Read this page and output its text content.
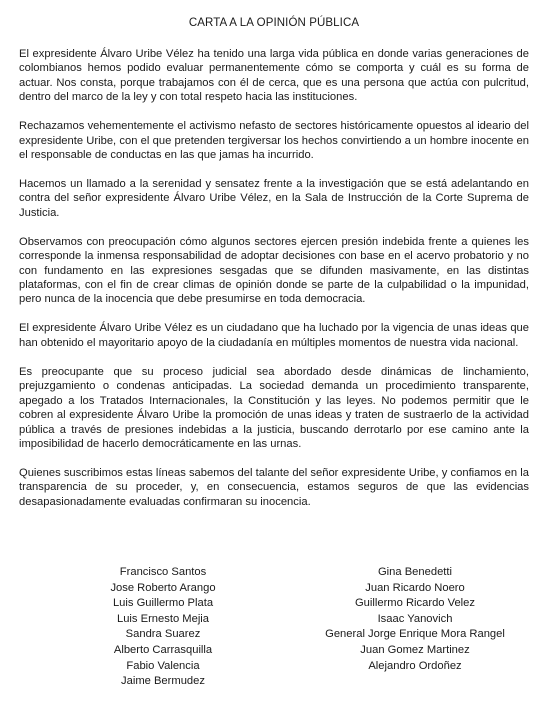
CARTA A LA OPINIÓN PÚBLICA

El expresidente Álvaro Uribe Vélez ha tenido una larga vida pública en donde varias generaciones de colombianos hemos podido evaluar permanentemente cómo se comporta y cuál es su forma de actuar. Nos consta, porque trabajamos con él de cerca, que es una persona que actúa con pulcritud, dentro del marco de la ley y con total respeto hacia las instituciones.

Rechazamos vehementemente el activismo nefasto de sectores históricamente opuestos al ideario del expresidente Uribe, con el que pretenden tergiversar los hechos convirtiendo a un hombre inocente en el responsable de conductas en las que jamas ha incurrido.

Hacemos un llamado a la serenidad y sensatez frente a la investigación que se está adelantando en contra del señor expresidente Álvaro Uribe Vélez, en la Sala de Instrucción de la Corte Suprema de Justicia.

Observamos con preocupación cómo algunos sectores ejercen presión indebida frente a quienes les corresponde la inmensa responsabilidad de adoptar decisiones con base en el acervo probatorio y no con fundamento en las expresiones sesgadas que se difunden masivamente, en las distintas plataformas, con el fin de crear climas de opinión donde se parte de la culpabilidad o la impunidad, pero nunca de la inocencia que debe presumirse en toda democracia.

El expresidente Álvaro Uribe Vélez es un ciudadano que ha luchado por la vigencia de unas ideas que han obtenido el mayoritario apoyo de la ciudadanía en múltiples momentos de nuestra vida nacional.

Es preocupante que su proceso judicial sea abordado desde dinámicas de linchamiento, prejuzgamiento o condenas anticipadas. La sociedad demanda un procedimiento transparente, apegado a los Tratados Internacionales, la Constitución y las leyes. No podemos permitir que le cobren al expresidente Álvaro Uribe la promoción de unas ideas y traten de sustraerlo de la actividad pública a través de presiones indebidas a la justicia, buscando derrotarlo por ese camino ante la imposibilidad de hacerlo democráticamente en las urnas.

Quienes suscribimos estas líneas sabemos del talante del señor expresidente Uribe, y confiamos en la transparencia de su proceder, y, en consecuencia, estamos seguros de que las evidencias desapasionadamente evaluadas confirmaran su inocencia.

Francisco Santos
Jose Roberto Arango
Luis Guillermo Plata
Luis Ernesto Mejia
Sandra Suarez
Alberto Carrasquilla
Fabio Valencia
Jaime Bermudez
Gina Benedetti
Juan Ricardo Noero
Guillermo Ricardo Velez
Isaac Yanovich
General Jorge Enrique Mora Rangel
Juan Gomez Martinez
Alejandro Ordoñez
